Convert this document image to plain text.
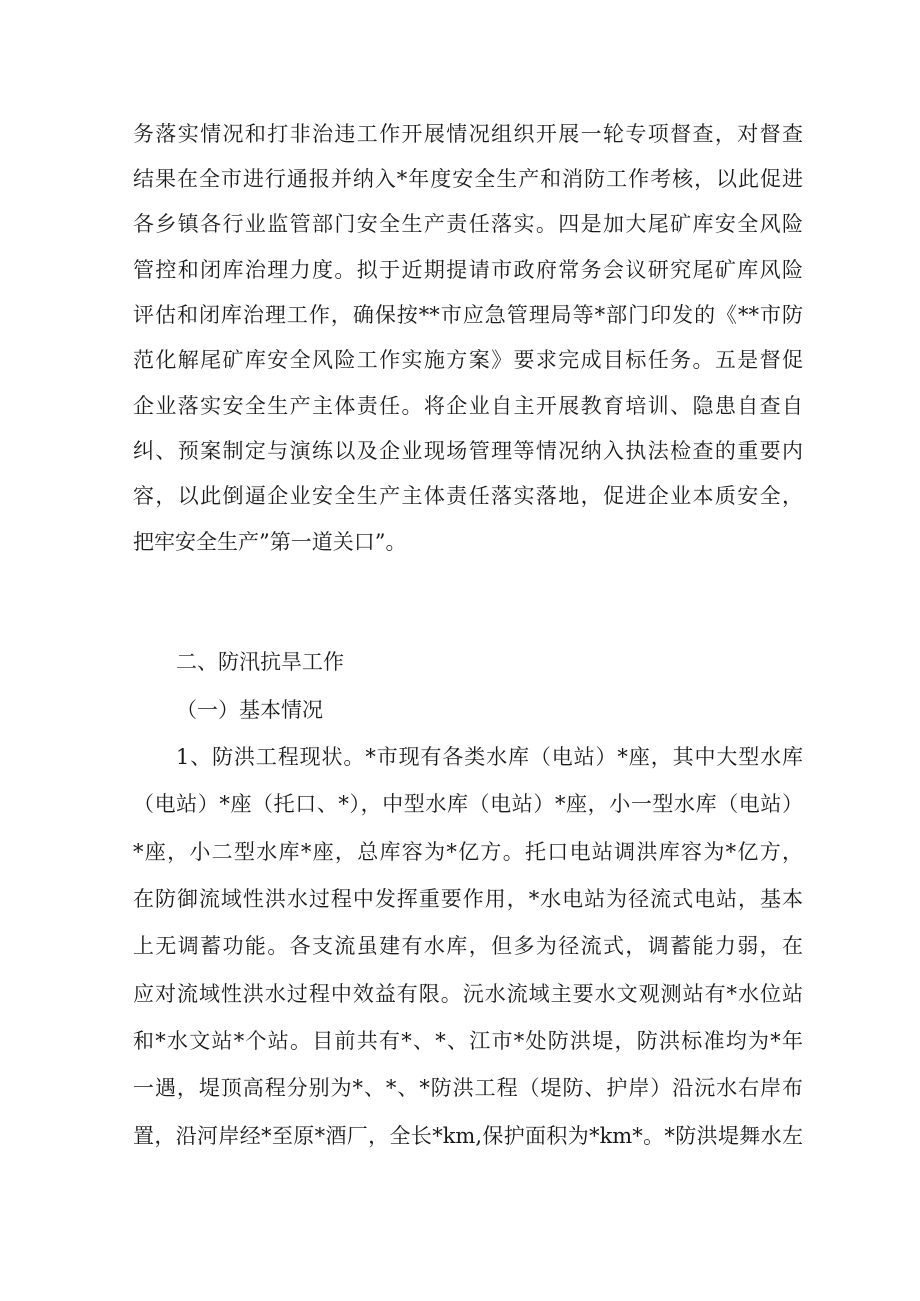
务落实情况和打非治违工作开展情况组织开展一轮专项督查，对督查
结果在全市进行通报并纳入*年度安全生产和消防工作考核，以此促进
各乡镇各行业监管部门安全生产责任落实。四是加大尾矿库安全风险
管控和闭库治理力度。拟于近期提请市政府常务会议研究尾矿库风险
评估和闭库治理工作，确保按**市应急管理局等*部门印发的《**市防
范化解尾矿库安全风险工作实施方案》要求完成目标任务。五是督促
企业落实安全生产主体责任。将企业自主开展教育培训、隐患自查自
纠、预案制定与演练以及企业现场管理等情况纳入执法检查的重要内
容，以此倒逼企业安全生产主体责任落实落地，促进企业本质安全，
把牢安全生产”第一道关口”。
二、防汛抗旱工作
（一）基本情况
1、防洪工程现状。*市现有各类水库（电站）*座，其中大型水库
（电站）*座（托口、*），中型水库（电站）*座，小一型水库（电站）
*座，小二型水库*座，总库容为*亿方。托口电站调洪库容为*亿方，
在防御流域性洪水过程中发挥重要作用，*水电站为径流式电站，基本
上无调蓄功能。各支流虽建有水库，但多为径流式，调蓄能力弱，在
应对流域性洪水过程中效益有限。沅水流域主要水文观测站有*水位站
和*水文站*个站。目前共有*、*、江市*处防洪堤，防洪标准均为*年
一遇，堤顶高程分别为*、*、*防洪工程（堤防、护岸）沿沅水右岸布
置，沿河岸经*至原*酒厂，全长*km,保护面积为*km*。*防洪堤舞水左
